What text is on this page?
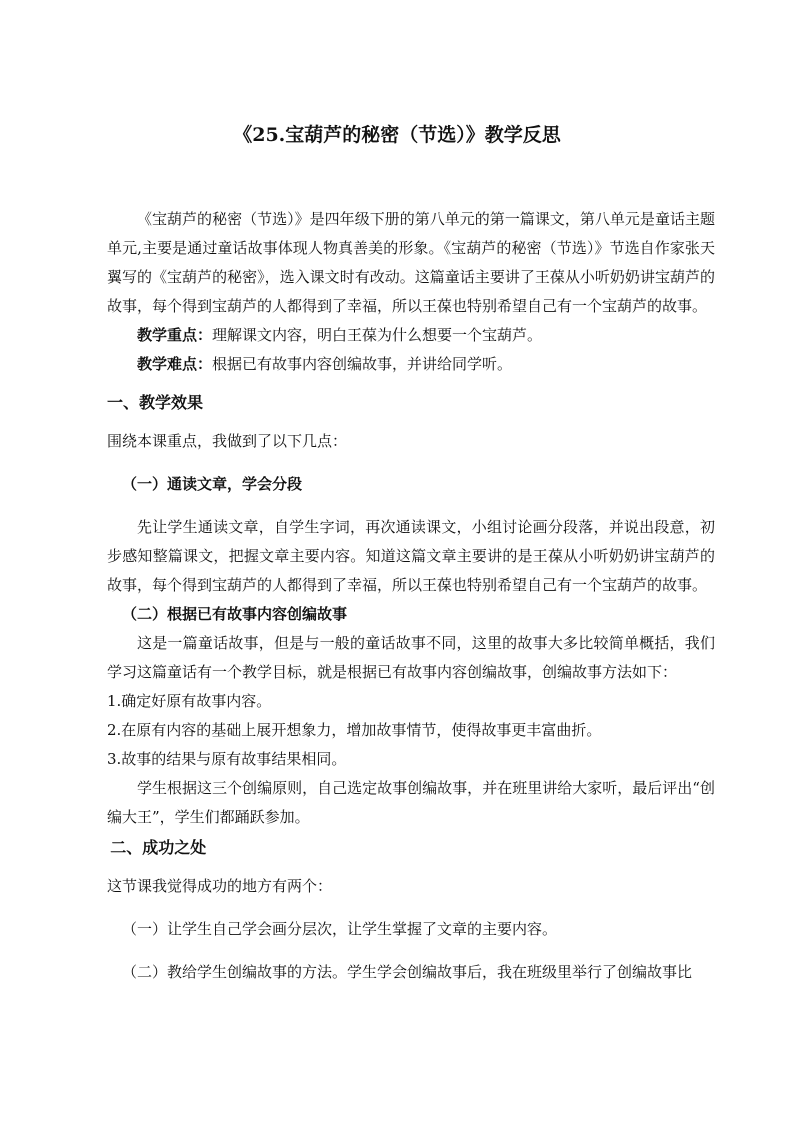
《25.宝葫芦的秘密（节选）》教学反思

《宝葫芦的秘密（节选）》是四年级下册的第八单元的第一篇课文，第八单元是童话主题单元,主要是通过童话故事体现人物真善美的形象。《宝葫芦的秘密（节选）》节选自作家张天翼写的《宝葫芦的秘密》，选入课文时有改动。这篇童话主要讲了王葆从小听奶奶讲宝葫芦的故事，每个得到宝葫芦的人都得到了幸福，所以王葆也特别希望自己有一个宝葫芦的故事。

教学重点：理解课文内容，明白王葆为什么想要一个宝葫芦。

教学难点：根据已有故事内容创编故事，并讲给同学听。

一、教学效果

围绕本课重点，我做到了以下几点：

（一）通读文章，学会分段

先让学生通读文章，自学生字词，再次通读课文，小组讨论画分段落，并说出段意，初步感知整篇课文，把握文章主要内容。知道这篇文章主要讲的是王葆从小听奶奶讲宝葫芦的故事，每个得到宝葫芦的人都得到了幸福，所以王葆也特别希望自己有一个宝葫芦的故事。

（二）根据已有故事内容创编故事

这是一篇童话故事，但是与一般的童话故事不同，这里的故事大多比较简单概括，我们学习这篇童话有一个教学目标，就是根据已有故事内容创编故事，创编故事方法如下：

1.确定好原有故事内容。

2.在原有内容的基础上展开想象力，增加故事情节，使得故事更丰富曲折。

3.故事的结果与原有故事结果相同。

学生根据这三个创编原则，自己选定故事创编故事，并在班里讲给大家听，最后评出“创编大王”，学生们都踊跃参加。

二、成功之处

这节课我觉得成功的地方有两个：

（一）让学生自己学会画分层次，让学生掌握了文章的主要内容。

（二）教给学生创编故事的方法。学生学会创编故事后，我在班级里举行了创编故事比
